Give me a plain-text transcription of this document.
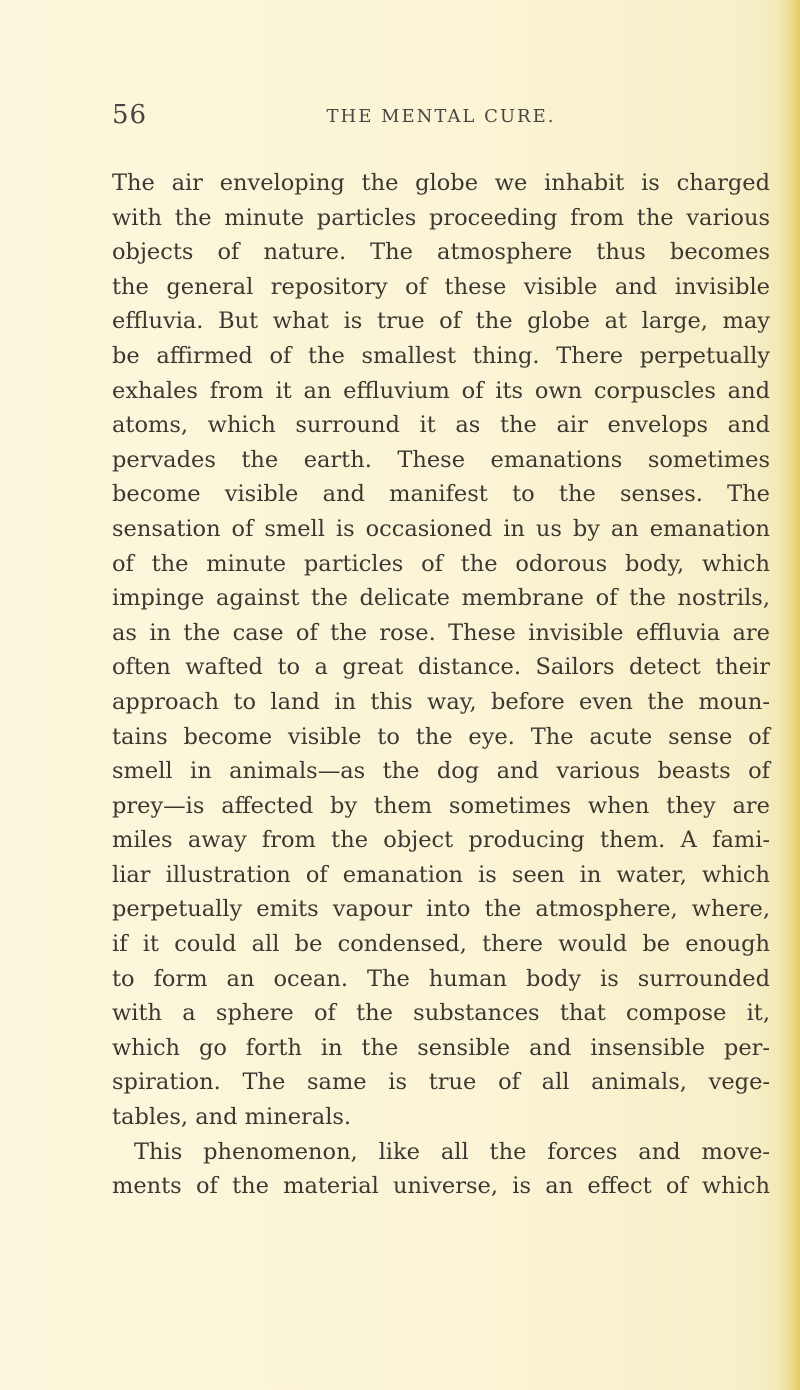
56	THE MENTAL CURE.
The air enveloping the globe we inhabit is charged
with the minute particles proceeding from the various
objects of nature. The atmosphere thus becomes
the general repository of these visible and invisible
effluvia. But what is true of the globe at large, may
be affirmed of the smallest thing. There perpetually
exhales from it an effluvium of its own corpuscles and
atoms, which surround it as the air envelops and
pervades the earth. These emanations sometimes
become visible and manifest to the senses. The
sensation of smell is occasioned in us by an emanation
of the minute particles of the odorous body, which
impinge against the delicate membrane of the nostrils,
as in the case of the rose. These invisible effluvia are
often wafted to a great distance. Sailors detect their
approach to land in this way, before even the moun-
tains become visible to the eye. The acute sense of
smell in animals—as the dog and various beasts of
prey—is affected by them sometimes when they are
miles away from the object producing them. A fami-
liar illustration of emanation is seen in water, which
perpetually emits vapour into the atmosphere, where,
if it could all be condensed, there would be enough
to form an ocean. The human body is surrounded
with a sphere of the substances that compose it,
which go forth in the sensible and insensible per-
spiration. The same is true of all animals, vege-
tables, and minerals.
This phenomenon, like all the forces and move-
ments of the material universe, is an effect of which
